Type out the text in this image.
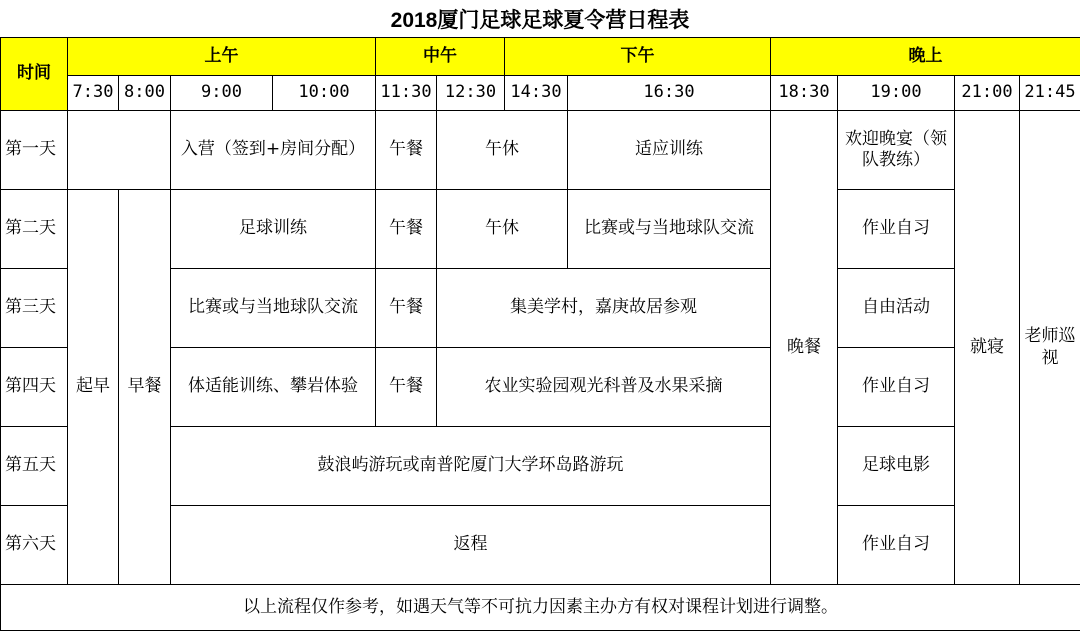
2018厦门足球足球夏令营日程表
时间	上午				中午		下午		晚上			
	7:30	8:00	9:00	10:00	11:30	12:30	14:30	16:30	18:30	19:00	21:00	21:45
第一天			入营（签到+房间分配）		午餐	午休		适应训练	晚餐	欢迎晚宴（领队教练）	就寝	老师巡视
第二天	起早	早餐	足球训练		午餐	午休		比赛或与当地球队交流		作业自习		
第三天			比赛或与当地球队交流		午餐	集美学村，嘉庚故居参观				自由活动		
第四天			体适能训练、攀岩体验		午餐	农业实验园观光科普及水果采摘				作业自习		
第五天			鼓浪屿游玩或南普陀厦门大学环岛路游玩							足球电影		
第六天			返程							作业自习		
以上流程仅作参考，如遇天气等不可抗力因素主办方有权对课程计划进行调整。												
